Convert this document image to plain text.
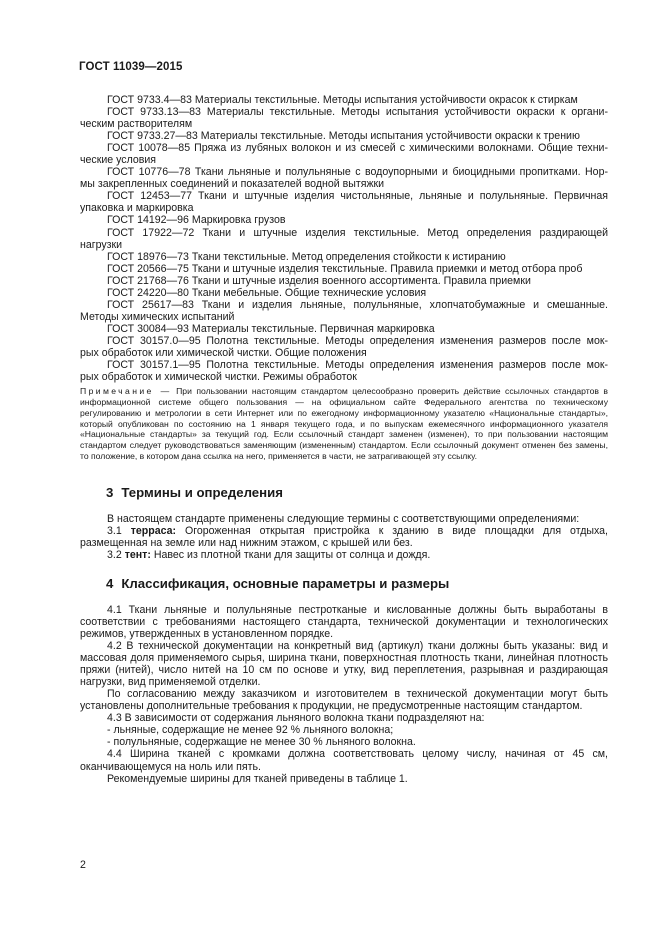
ГОСТ 11039—2015

ГОСТ 9733.4—83 Материалы текстильные. Методы испытания устойчивости окрасок к стиркам

ГОСТ 9733.13—83 Материалы текстильные. Методы испытания устойчивости окраски к органи-

ческим растворителям

ГОСТ 9733.27—83 Материалы текстильные. Методы испытания устойчивости окраски к трению

ГОСТ 10078—85 Пряжа из лубяных волокон и из смесей с химическими волокнами. Общие техни-

ческие условия

ГОСТ 10776—78 Ткани льняные и полульняные с водоупорными и биоцидными пропитками. Нор-

мы закрепленных соединений и показателей водной вытяжки

ГОСТ 12453—77 Ткани и штучные изделия чистольняные, льняные и полульняные. Первичная

упаковка и маркировка

ГОСТ 14192—96 Маркировка грузов

ГОСТ 17922—72 Ткани и штучные изделия текстильные. Метод определения раздирающей

нагрузки

ГОСТ 18976—73 Ткани текстильные. Метод определения стойкости к истиранию

ГОСТ 20566—75 Ткани и штучные изделия текстильные. Правила приемки и метод отбора проб

ГОСТ 21768—76 Ткани и штучные изделия военного ассортимента. Правила приемки

ГОСТ 24220—80 Ткани мебельные. Общие технические условия

ГОСТ 25617—83 Ткани и изделия льняные, полульняные, хлопчатобумажные и смешанные.

Методы химических испытаний

ГОСТ 30084—93 Материалы текстильные. Первичная маркировка

ГОСТ 30157.0—95 Полотна текстильные. Методы определения изменения размеров после мок-

рых обработок или химической чистки. Общие положения

ГОСТ 30157.1—95 Полотна текстильные. Методы определения изменения размеров после мок-

рых обработок и химической чистки. Режимы обработок

Примечание — При пользовании настоящим стандартом целесообразно проверить действие ссылочных стандартов в информационной системе общего пользования — на официальном сайте Федерального агентства по техническому регулированию и метрологии в сети Интернет или по ежегодному информационному указателю «Национальные стандарты», который опубликован по состоянию на 1 января текущего года, и по выпускам ежемесячного информационного указателя «Национальные стандарты» за текущий год. Если ссылочный стандарт заменен (изменен), то при пользовании настоящим стандартом следует руководствоваться заменяющим (измененным) стандартом. Если ссылочный документ отменен без замены, то положение, в котором дана ссылка на него, применяется в части, не затрагивающей эту ссылку.

3 Термины и определения

В настоящем стандарте применены следующие термины с соответствующими определениями:

3.1 терраса: Огороженная открытая пристройка к зданию в виде площадки для отдыха, размещенная на земле или над нижним этажом, с крышей или без.

3.2 тент: Навес из плотной ткани для защиты от солнца и дождя.

4 Классификация, основные параметры и размеры

4.1 Ткани льняные и полульняные пестротканые и кислованные должны быть выработаны в соответствии с требованиями настоящего стандарта, технической документации и технологических режимов, утвержденных в установленном порядке.

4.2 В технической документации на конкретный вид (артикул) ткани должны быть указаны: вид и массовая доля применяемого сырья, ширина ткани, поверхностная плотность ткани, линейная плотность пряжи (нитей), число нитей на 10 см по основе и утку, вид переплетения, разрывная и раздирающая нагрузки, вид применяемой отделки.

По согласованию между заказчиком и изготовителем в технической документации могут быть установлены дополнительные требования к продукции, не предусмотренные настоящим стандартом.

4.3 В зависимости от содержания льняного волокна ткани подразделяют на:

- льняные, содержащие не менее 92 % льняного волокна;

- полульняные, содержащие не менее 30 % льняного волокна.

4.4 Ширина тканей с кромками должна соответствовать целому числу, начиная от 45 см, оканчивающемуся на ноль или пять.

Рекомендуемые ширины для тканей приведены в таблице 1.

2
